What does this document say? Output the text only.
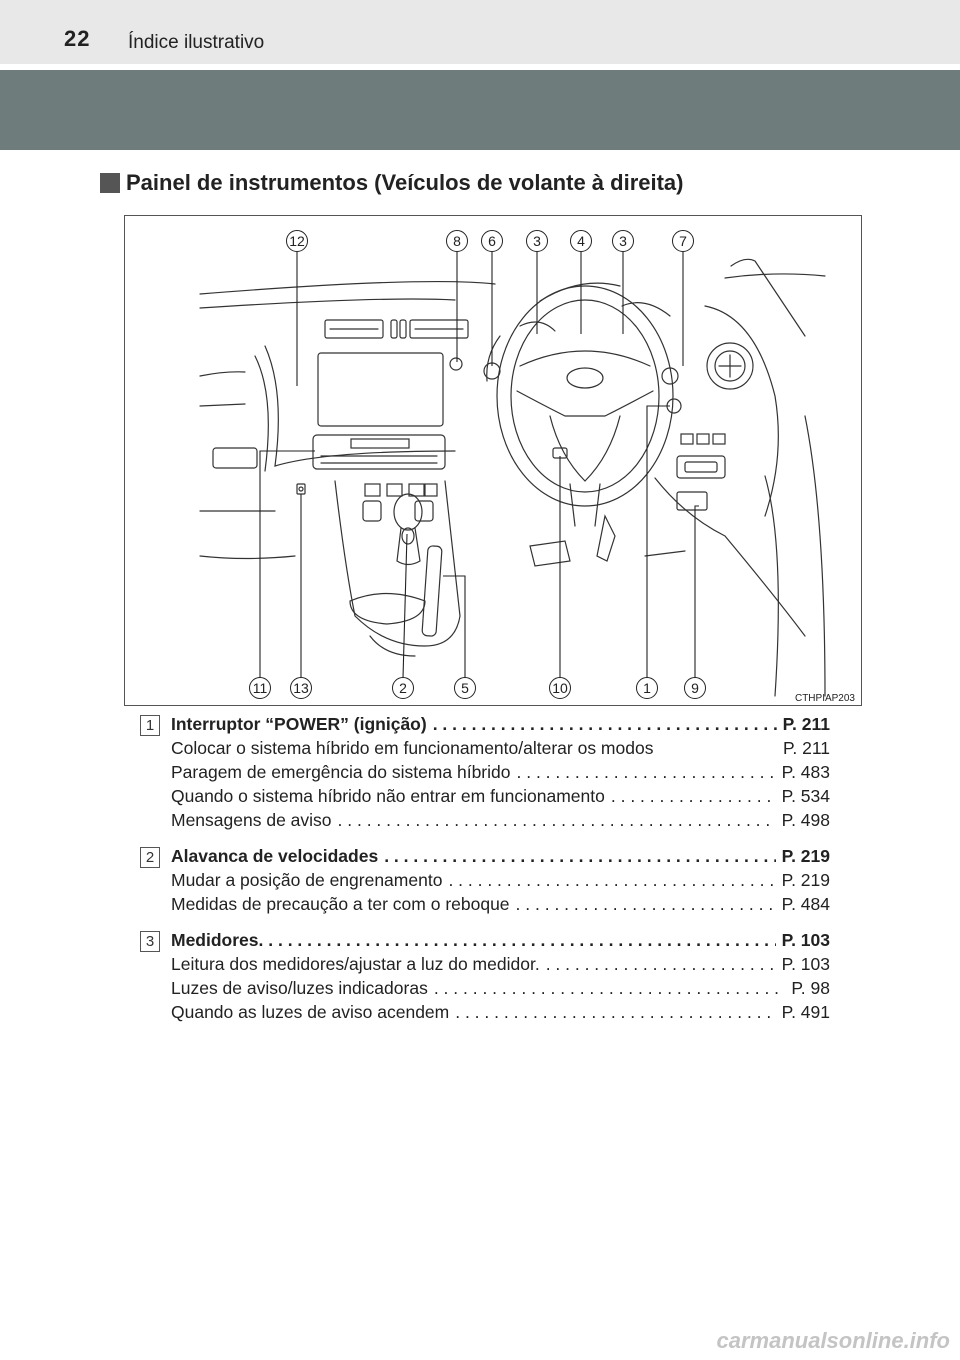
22 Índice ilustrativo
Painel de instrumentos (Veículos de volante à direita)
12	8	6	3	4	3	7
11 13	2	5	10	1	9
CTHPIAP203
1 Interruptor “POWER” (ignição) . . .	P. 211
Colocar o sistema híbrido em funcionamento/alterar os modos	P. 211
Paragem de emergência do sistema híbrido . . .	P. 483
Quando o sistema híbrido não entrar em funcionamento . . .	P. 534
Mensagens de aviso . . .	P. 498
2 Alavanca de velocidades . . .	P. 219
Mudar a posição de engrenamento . . .	P. 219
Medidas de precaução a ter com o reboque . . .	P. 484
3 Medidores . . .	P. 103
Leitura dos medidores/ajustar a luz do medidor. . . .	P. 103
Luzes de aviso/luzes indicadoras . . .	P. 98
Quando as luzes de aviso acendem . . .	P. 491
carmanualsonline.info
